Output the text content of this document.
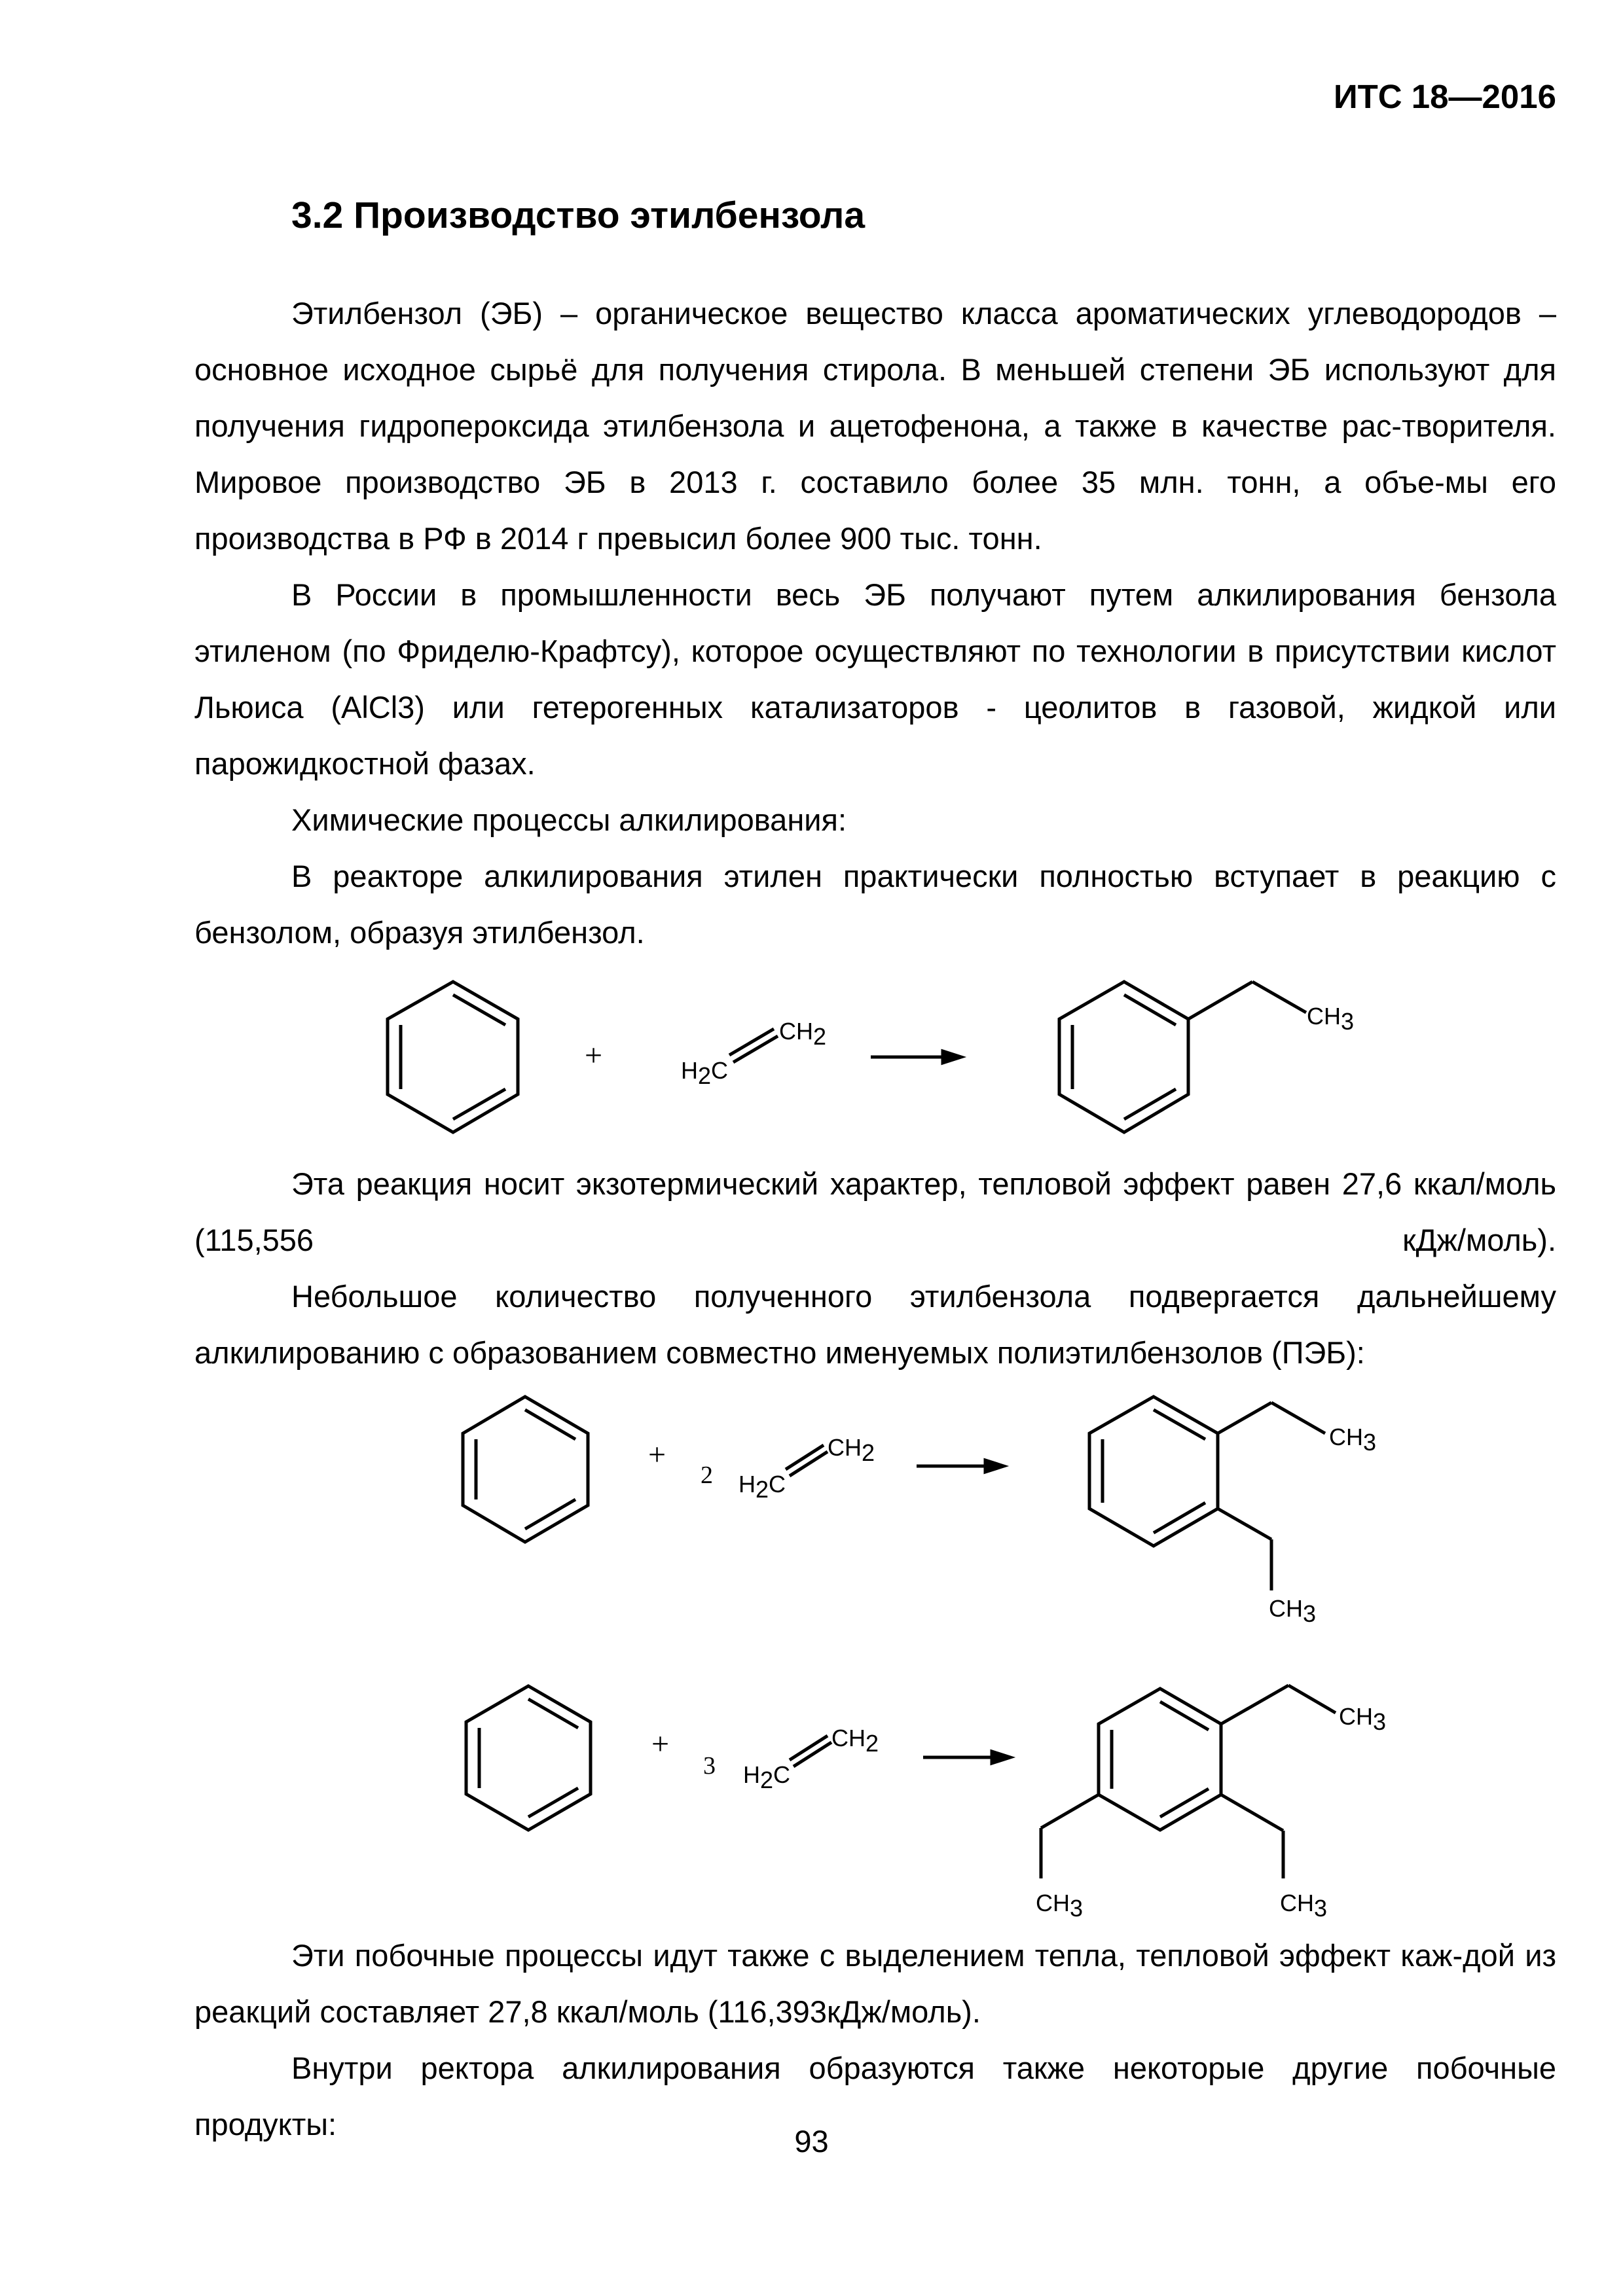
ИТС 18—2016
3.2 Производство этилбензола

Этилбензол (ЭБ) – органическое вещество класса ароматических углеводородов – основное исходное сырьё для получения стирола. В меньшей степени ЭБ используют для получения гидропероксида этилбензола и ацетофенона, а также в качестве рас-творителя. Мировое производство ЭБ в 2013 г. составило более 35 млн. тонн, а объе-мы его производства в РФ в 2014 г превысил более 900 тыс. тонн.

В России в промышленности весь ЭБ получают путем алкилирования бензола этиленом (по Фриделю-Крафтсу), которое осуществляют по технологии в присутствии кислот Льюиса (AlCl3) или гетерогенных катализаторов - цеолитов в газовой, жидкой или парожидкостной фазах.

Химические процессы алкилирования:

В реакторе алкилирования этилен практически полностью вступает в реакцию с бензолом, образуя этилбензол.

+	H2C
CH2
CH3

Эта реакция носит экзотермический характер, тепловой эффект равен 27,6 ккал/моль (115,556 кДж/моль).

Небольшое количество полученного этилбензола подвергается дальнейшему алкилированию с образованием совместно именуемых полиэтилбензолов (ПЭБ):

+
2 H2C
CH2
CH3
CH3
+
3 H2C
CH2
CH3
CH3
CH3

Эти побочные процессы идут также с выделением тепла, тепловой эффект каж-дой из реакций составляет 27,8 ккал/моль (116,393кДж/моль).

Внутри ректора алкилирования образуются также некоторые другие побочные продукты:	93
